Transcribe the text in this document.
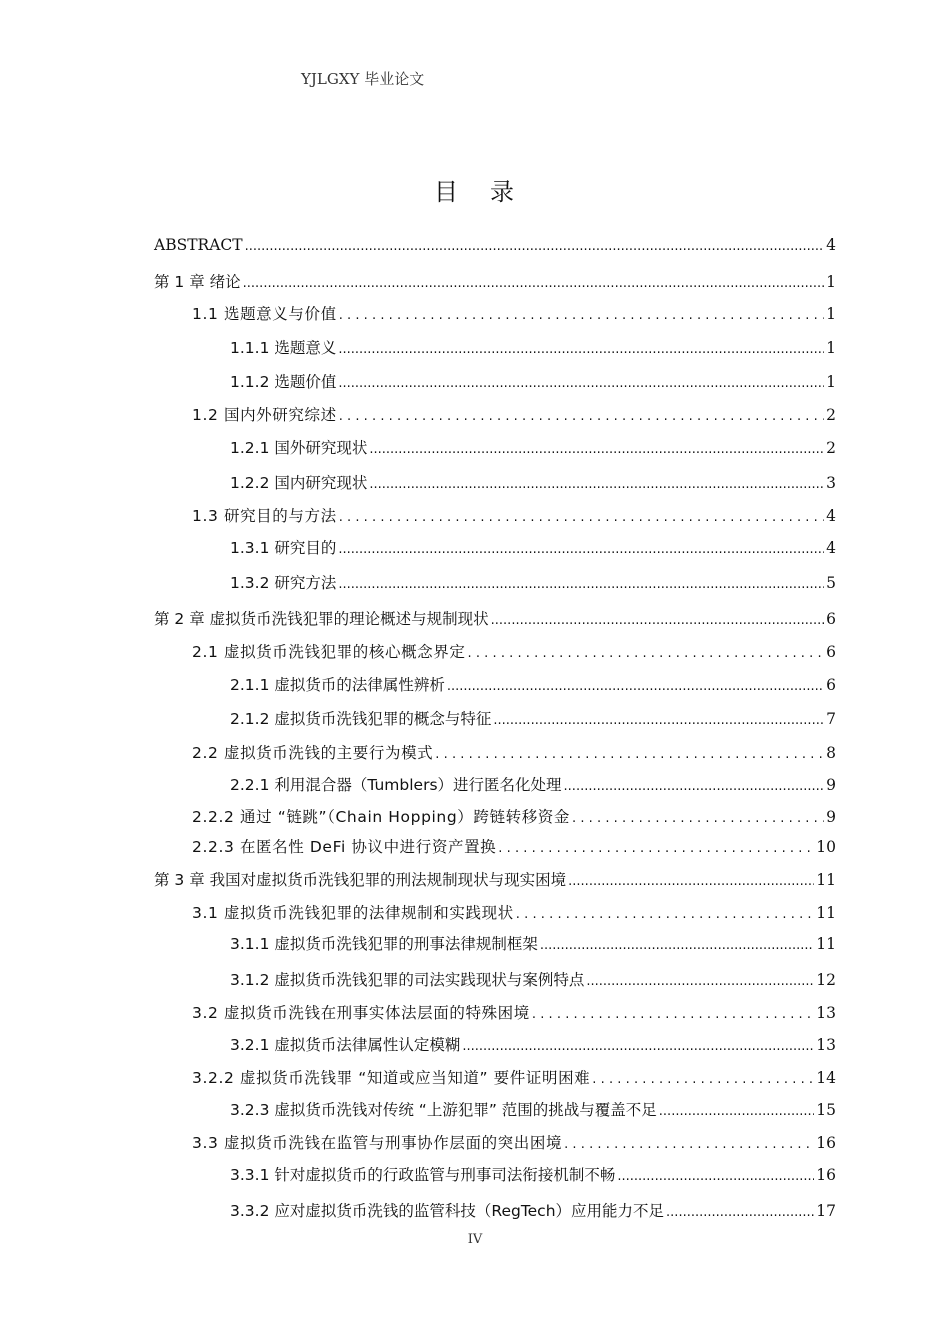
YJLGXY 毕业论文
目 录
ABSTRACT .....	4
第 1 章 绪论 .....	1
1.1 选题意义与价值 .....	1
1.1.1 选题意义 .....	1
1.1.2 选题价值 .....	1
1.2 国内外研究综述 .....	2
1.2.1 国外研究现状 .....	2
1.2.2 国内研究现状 .....	3
1.3 研究目的与方法 .....	4
1.3.1 研究目的 .....	4
1.3.2 研究方法 .....	5
第 2 章 虚拟货币洗钱犯罪的理论概述与规制现状 .....	6
2.1 虚拟货币洗钱犯罪的核心概念界定 .....	6
2.1.1 虚拟货币的法律属性辨析 .....	6
2.1.2 虚拟货币洗钱犯罪的概念与特征 .....	7
2.2 虚拟货币洗钱的主要行为模式 .....	8
2.2.1 利用混合器（Tumblers）进行匿名化处理 .....	9
2.2.2 通过 “链跳”（Chain Hopping）跨链转移资金 .....	9
2.2.3 在匿名性 DeFi 协议中进行资产置换 .....	10
第 3 章 我国对虚拟货币洗钱犯罪的刑法规制现状与现实困境 .....	11
3.1 虚拟货币洗钱犯罪的法律规制和实践现状 .....	11
3.1.1 虚拟货币洗钱犯罪的刑事法律规制框架 .....	11
3.1.2 虚拟货币洗钱犯罪的司法实践现状与案例特点 .....	12
3.2 虚拟货币洗钱在刑事实体法层面的特殊困境 .....	13
3.2.1 虚拟货币法律属性认定模糊 .....	13
3.2.2 虚拟货币洗钱罪 “知道或应当知道” 要件证明困难 .....	14
3.2.3 虚拟货币洗钱对传统 “上游犯罪” 范围的挑战与覆盖不足 .....	15
3.3 虚拟货币洗钱在监管与刑事协作层面的突出困境 .....	16
3.3.1 针对虚拟货币的行政监管与刑事司法衔接机制不畅 .....	16
3.3.2 应对虚拟货币洗钱的监管科技（RegTech）应用能力不足 .....	17
IV
